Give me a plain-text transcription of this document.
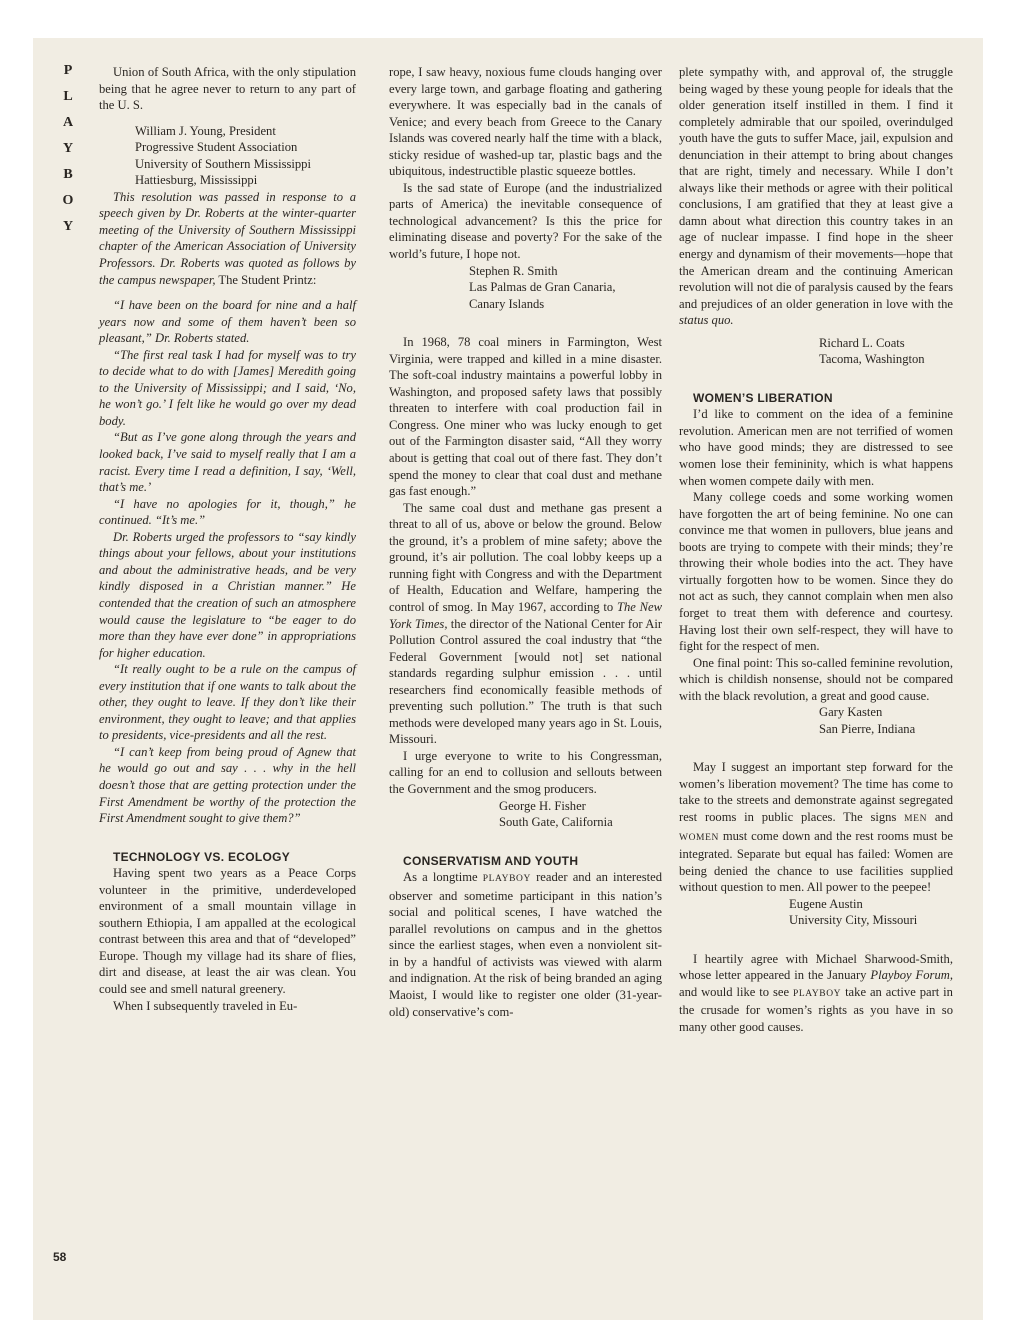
P
L
A
Y
B
O
Y
58

Union of South Africa, with the only stipulation being that he agree never to return to any part of the U. S.

William J. Young, President
Progressive Student Association
University of Southern Mississippi
Hattiesburg, Mississippi

This resolution was passed in response to a speech given by Dr. Roberts at the winter-quarter meeting of the University of Southern Mississippi chapter of the American Association of University Professors. Dr. Roberts was quoted as follows by the campus newspaper, The Student Printz:

“I have been on the board for nine and a half years now and some of them haven’t been so pleasant,” Dr. Roberts stated.

“The first real task I had for myself was to try to decide what to do with [James] Meredith going to the University of Mississippi; and I said, ‘No, he won’t go.’ I felt like he would go over my dead body.

“But as I’ve gone along through the years and looked back, I’ve said to myself really that I am a racist. Every time I read a definition, I say, ‘Well, that’s me.’

“I have no apologies for it, though,” he continued. “It’s me.”

Dr. Roberts urged the professors to “say kindly things about your fellows, about your institutions and about the administrative heads, and be very kindly disposed in a Christian manner.” He contended that the creation of such an atmosphere would cause the legislature to “be eager to do more than they have ever done” in appropriations for higher education.

“It really ought to be a rule on the campus of every institution that if one wants to talk about the other, they ought to leave. If they don’t like their environment, they ought to leave; and that applies to presidents, vice-presidents and all the rest.

“I can’t keep from being proud of Agnew that he would go out and say . . . why in the hell doesn’t those that are getting protection under the First Amendment be worthy of the protection the First Amendment sought to give them?”

TECHNOLOGY VS. ECOLOGY

Having spent two years as a Peace Corps volunteer in the primitive, underdeveloped environment of a small mountain village in southern Ethiopia, I am appalled at the ecological contrast between this area and that of “developed” Europe. Though my village had its share of flies, dirt and disease, at least the air was clean. You could see and smell natural greenery.

When I subsequently traveled in Eu-

rope, I saw heavy, noxious fume clouds hanging over every large town, and garbage floating and gathering everywhere. It was especially bad in the canals of Venice; and every beach from Greece to the Canary Islands was covered nearly half the time with a black, sticky residue of washed-up tar, plastic bags and the ubiquitous, indestructible plastic squeeze bottles.

Is the sad state of Europe (and the industrialized parts of America) the inevitable consequence of technological advancement? Is this the price for eliminating disease and poverty? For the sake of the world’s future, I hope not.

Stephen R. Smith
Las Palmas de Gran Canaria,
Canary Islands

In 1968, 78 coal miners in Farmington, West Virginia, were trapped and killed in a mine disaster. The soft-coal industry maintains a powerful lobby in Washington, and proposed safety laws that possibly threaten to interfere with coal production fail in Congress. One miner who was lucky enough to get out of the Farmington disaster said, “All they worry about is getting that coal out of there fast. They don’t spend the money to clear that coal dust and methane gas fast enough.”

The same coal dust and methane gas present a threat to all of us, above or below the ground. Below the ground, it’s a problem of mine safety; above the ground, it’s air pollution. The coal lobby keeps up a running fight with Congress and with the Department of Health, Education and Welfare, hampering the control of smog. In May 1967, according to The New York Times, the director of the National Center for Air Pollution Control assured the coal industry that “the Federal Government [would not] set national standards regarding sulphur emission . . . until researchers find economically feasible methods of preventing such pollution.” The truth is that such methods were developed many years ago in St. Louis, Missouri.

I urge everyone to write to his Congressman, calling for an end to collusion and sellouts between the Government and the smog producers.

George H. Fisher
South Gate, California

CONSERVATISM AND YOUTH

As a longtime PLAYBOY reader and an interested observer and sometime participant in this nation’s social and political scenes, I have watched the parallel revolutions on campus and in the ghettos since the earliest stages, when even a nonviolent sit-in by a handful of activists was viewed with alarm and indignation. At the risk of being branded an aging Maoist, I would like to register one older (31-year-old) conservative’s com-

plete sympathy with, and approval of, the struggle being waged by these young people for ideals that the older generation itself instilled in them. I find it completely admirable that our spoiled, overindulged youth have the guts to suffer Mace, jail, expulsion and denunciation in their attempt to bring about changes that are right, timely and necessary. While I don’t always like their methods or agree with their political conclusions, I am gratified that they at least give a damn about what direction this country takes in an age of nuclear impasse. I find hope in the sheer energy and dynamism of their movements—hope that the American dream and the continuing American revolution will not die of paralysis caused by the fears and prejudices of an older generation in love with the status quo.

Richard L. Coats
Tacoma, Washington

WOMEN’S LIBERATION

I’d like to comment on the idea of a feminine revolution. American men are not terrified of women who have good minds; they are distressed to see women lose their femininity, which is what happens when women compete daily with men.

Many college coeds and some working women have forgotten the art of being feminine. No one can convince me that women in pullovers, blue jeans and boots are trying to compete with their minds; they’re throwing their whole bodies into the act. They have virtually forgotten how to be women. Since they do not act as such, they cannot complain when men also forget to treat them with deference and courtesy. Having lost their own self-respect, they will have to fight for the respect of men.

One final point: This so-called feminine revolution, which is childish nonsense, should not be compared with the black revolution, a great and good cause.

Gary Kasten
San Pierre, Indiana

May I suggest an important step forward for the women’s liberation movement? The time has come to take to the streets and demonstrate against segregated rest rooms in public places. The signs MEN and WOMEN must come down and the rest rooms must be integrated. Separate but equal has failed: Women are being denied the chance to use facilities supplied without question to men. All power to the peepee!

Eugene Austin
University City, Missouri

I heartily agree with Michael Sharwood-Smith, whose letter appeared in the January Playboy Forum, and would like to see PLAYBOY take an active part in the crusade for women’s rights as you have in so many other good causes.
